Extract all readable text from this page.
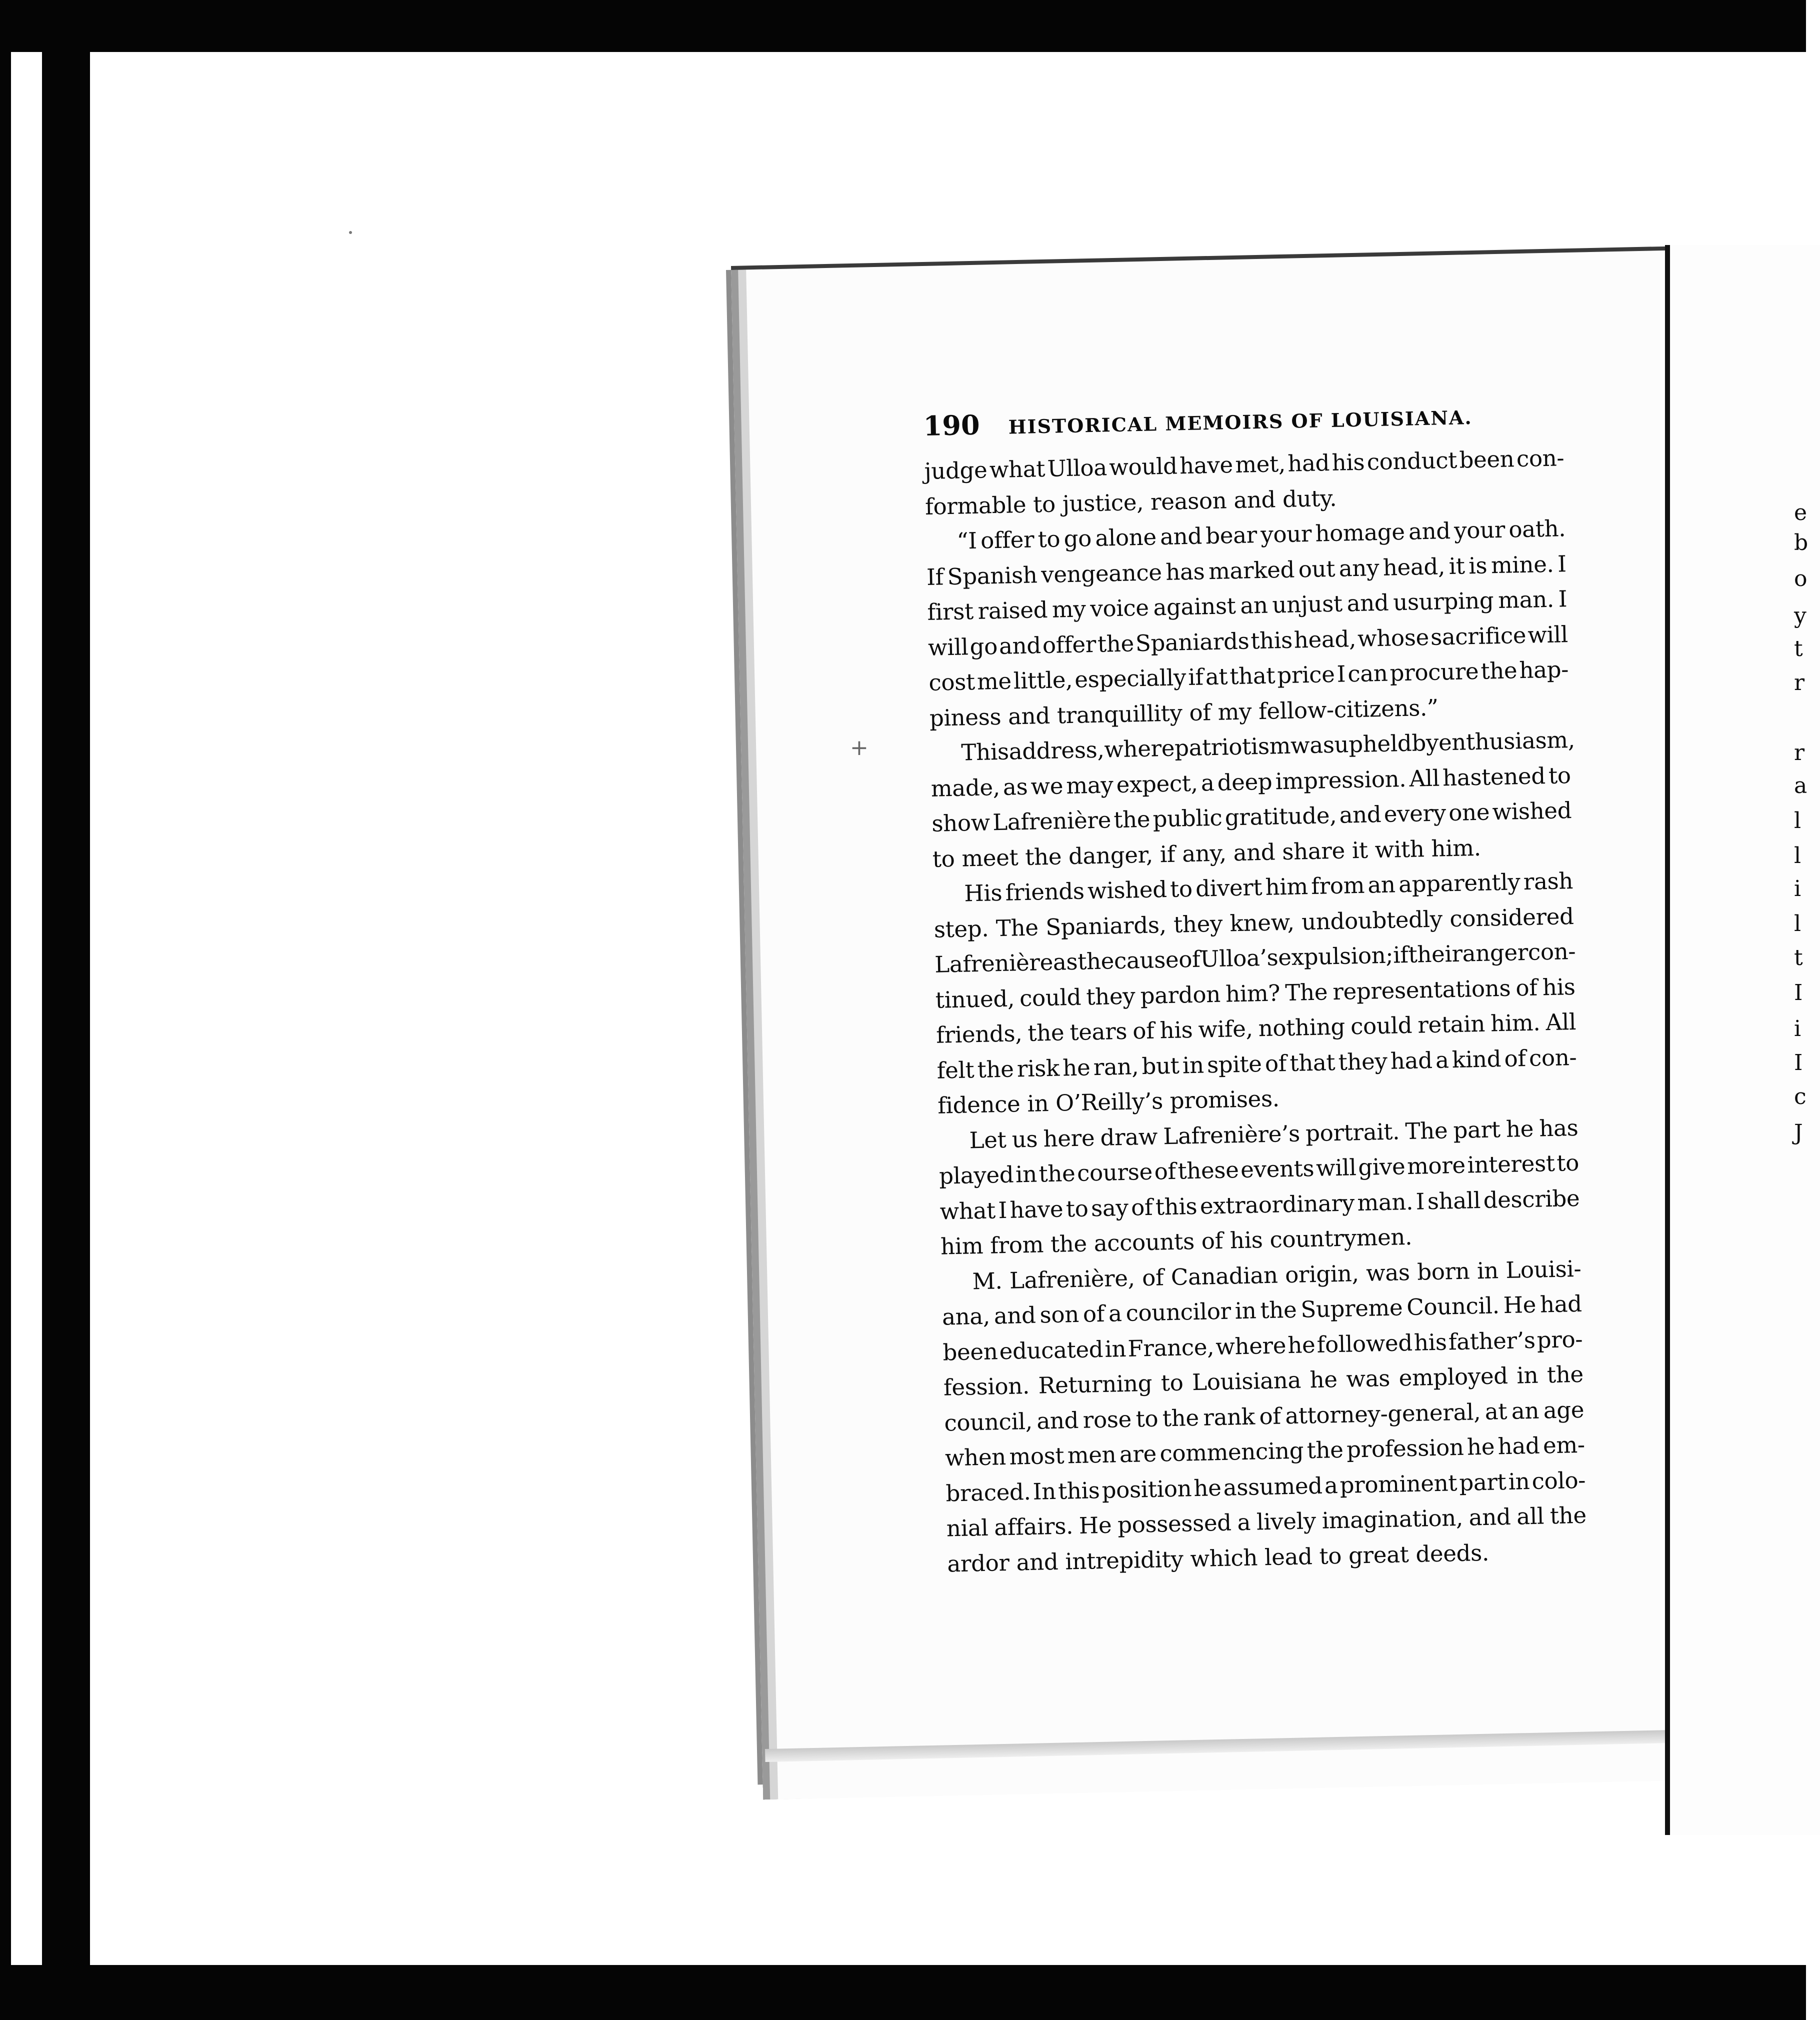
190	HISTORICAL MEMOIRS OF LOUISIANA.
judge what Ulloa would have met, had his conduct been con-
formable to justice, reason and duty.
“I offer to go alone and bear your homage and your oath.
If Spanish vengeance has marked out any head, it is mine. I
first raised my voice against an unjust and usurping man. I
will go and offer the Spaniards this head, whose sacrifice will
cost me little, especially if at that price I can procure the hap-
piness and tranquillity of my fellow-citizens.”
This
address,
where
patriotism
was
upheld
by
enthusiasm,
made, as we may expect, a deep impression. All hastened to
show Lafrenière the public gratitude, and every one wished
to meet the danger, if any, and share it with him.
His friends wished to divert him from an apparently rash
step. The Spaniards, they knew, undoubtedly considered
Lafrenière
as
the
cause
of
Ulloa’s
expulsion;
if
their
anger
con-
tinued, could they pardon him? The representations of his
friends, the tears of his wife, nothing could retain him. All
felt the risk he ran, but in spite of that they had a kind of con-
fidence in O’Reilly’s promises.
Let us here draw Lafrenière’s portrait. The part he has
played in the course of these events will give more interest to
what I have to say of this extraordinary man. I shall describe
him from the accounts of his countrymen.
M. Lafrenière, of Canadian origin, was born in Louisi-
ana, and son of a councilor in the Supreme Council. He had
been educated in France, where he followed his father’s pro-
fession. Returning to Louisiana he was employed in the
council, and rose to the rank of attorney-general, at an age
when most men are commencing the profession he had em-
braced. In this position he assumed a prominent part in colo-
nial affairs. He possessed a lively imagination, and all the
ardor and intrepidity which lead to great deeds.
+
e
b
o
y
t
r
r
a
l
l
i
l
t
I
i
I
c
J
